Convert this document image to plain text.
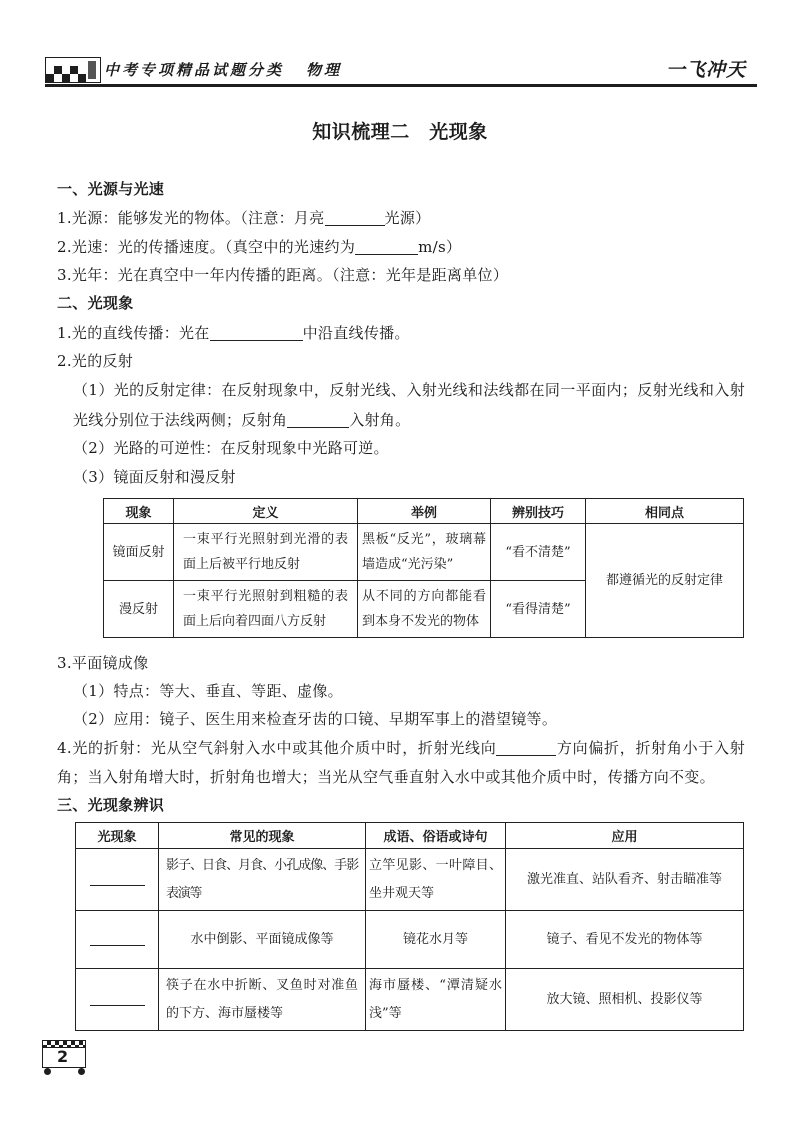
中考专项精品试题分类 物理	一飞冲天
知识梳理二　光现象
一、光源与光速
1.光源：能够发光的物体。（注意：月亮	光源）
2.光速：光的传播速度。（真空中的光速约为	m/s）
3.光年：光在真空中一年内传播的距离。（注意：光年是距离单位）
二、光现象
1.光的直线传播：光在	中沿直线传播。
2.光的反射

（1）光的反射定律：在反射现象中，反射光线、入射光线和法线都在同一平面内；反射光线和入射光线分别位于法线两侧；反射角	入射角。

（2）光路的可逆性：在反射现象中光路可逆。
（3）镜面反射和漫反射
现象	定义	举例	辨别技巧	相同点
镜面反射	一束平行光照射到光滑的表面上后被平行地反射	黑板“反光”，玻璃幕墙造成“光污染”	“看不清楚”	都遵循光的反射定律
漫反射	一束平行光照射到粗糙的表面上后向着四面八方反射	从不同的方向都能看到本身不发光的物体	“看得清楚”	
3.平面镜成像
（1）特点：等大、垂直、等距、虚像。
（2）应用：镜子、医生用来检查牙齿的口镜、早期军事上的潜望镜等。

4.光的折射：光从空气斜射入水中或其他介质中时，折射光线向	方向偏折，折射角小于入射角；当入射角增大时，折射角也增大；当光从空气垂直射入水中或其他介质中时，传播方向不变。

三、光现象辨识
光现象	常见的现象	成语、俗语或诗句	应用
	影子、日食、月食、小孔成像、手影表演等	立竿见影、一叶障目、坐井观天等	激光准直、站队看齐、射击瞄准等
	水中倒影、平面镜成像等	镜花水月等	镜子、看见不发光的物体等
	筷子在水中折断、叉鱼时对准鱼的下方、海市蜃楼等	海市蜃楼、“潭清疑水浅”等	放大镜、照相机、投影仪等
2
